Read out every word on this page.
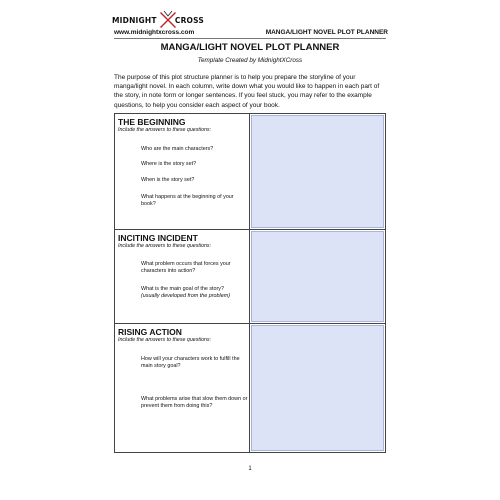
MIDNIGHT CROSS
www.midnightxcross.com	MANGA/LIGHT NOVEL PLOT PLANNER
MANGA/LIGHT NOVEL PLOT PLANNER
Template Created by MidnightXCross
The purpose of this plot structure planner is to help you prepare the storyline of your manga/light novel. In each column, write down what you would like to happen in each part of the story, in note form or longer sentences. If you feel stuck, you may refer to the example questions, to help you consider each aspect of your book.
THE BEGINNING
Include the answers to these questions:
Who are the main characters?
Where is the story set?
When is the story set?
What happens at the beginning of your book?
INCITING INCIDENT
Include the answers to these questions:
What problem occurs that forces your characters into action?
What is the main goal of the story?
(usually developed from the problem)
RISING ACTION
Include the answers to these questions:
How will your characters work to fulfill the main story goal?
What problems arise that slow them down or prevent them from doing this?
1
